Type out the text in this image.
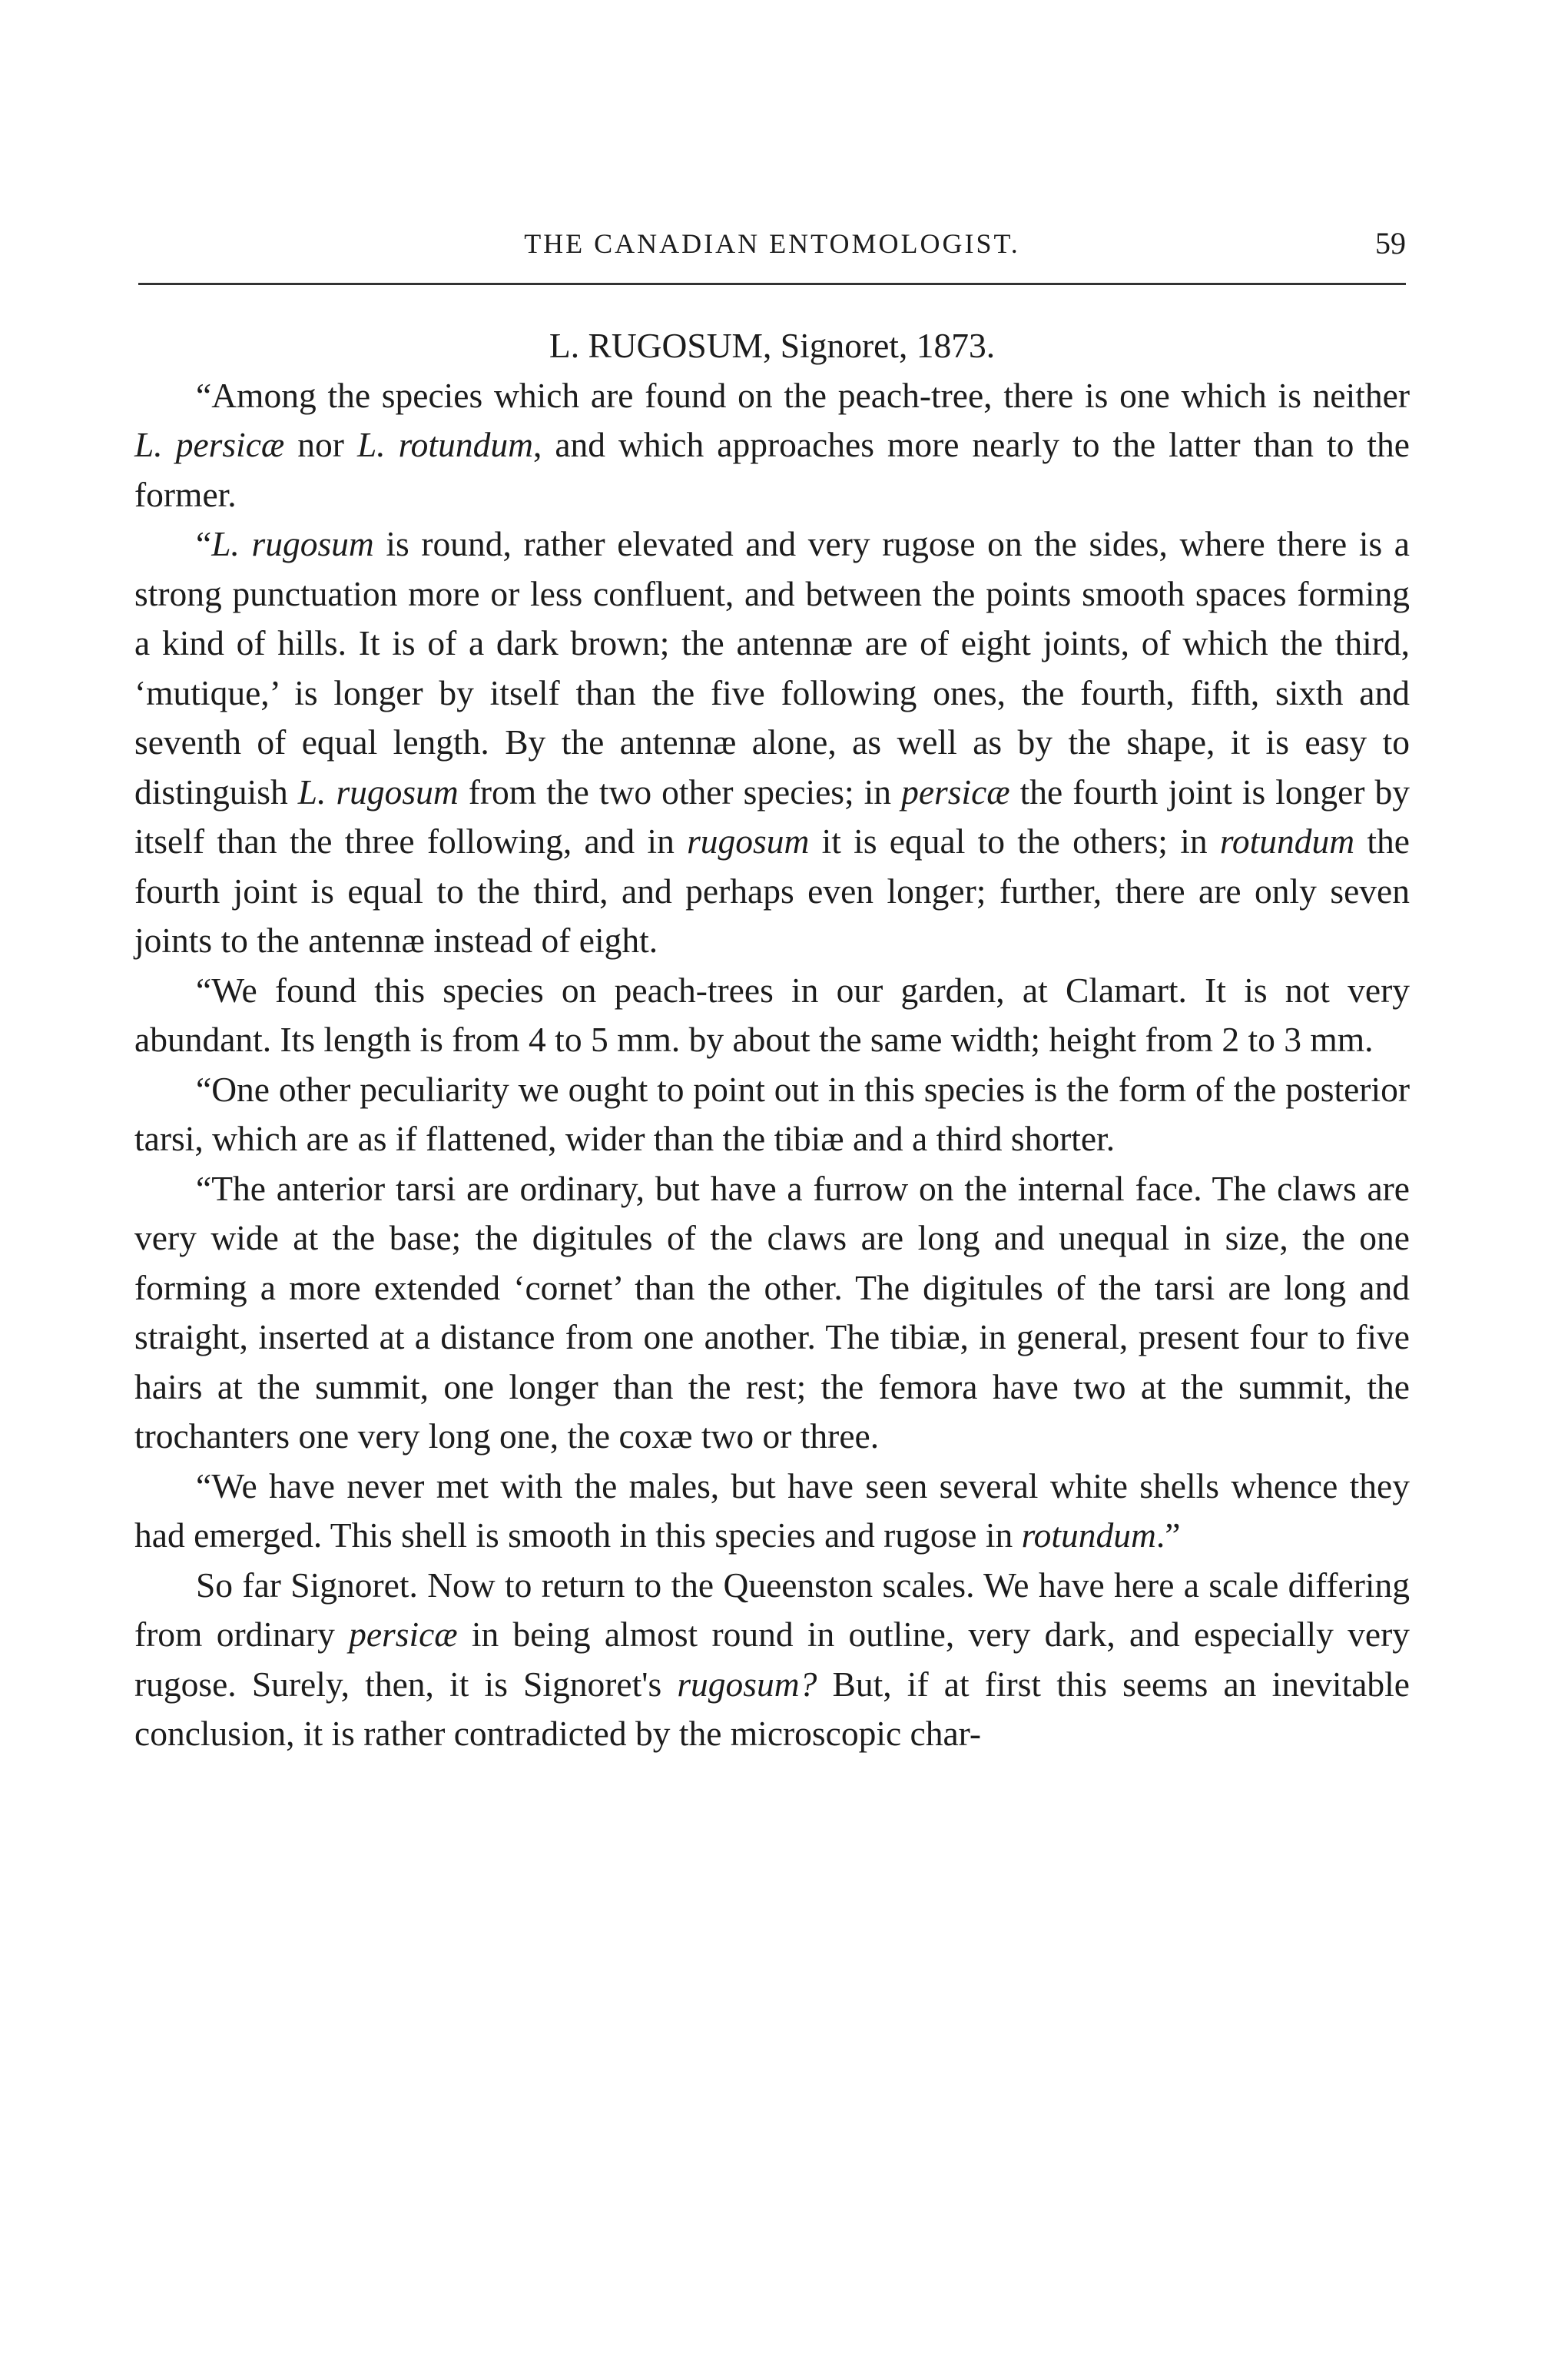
THE CANADIAN ENTOMOLOGIST.	59

L. RUGOSUM, Signoret, 1873.

“Among the species which are found on the peach-tree, there is one which is neither L. persicæ nor L. rotundum, and which approaches more nearly to the latter than to the former.

“L. rugosum is round, rather elevated and very rugose on the sides, where there is a strong punctuation more or less confluent, and between the points smooth spaces forming a kind of hills. It is of a dark brown; the antennæ are of eight joints, of which the third, ‘mutique,’ is longer by itself than the five following ones, the fourth, fifth, sixth and seventh of equal length. By the antennæ alone, as well as by the shape, it is easy to distinguish L. rugosum from the two other species; in persicæ the fourth joint is longer by itself than the three following, and in rugosum it is equal to the others; in rotundum the fourth joint is equal to the third, and perhaps even longer; further, there are only seven joints to the antennæ instead of eight.

“We found this species on peach-trees in our garden, at Clamart. It is not very abundant. Its length is from 4 to 5 mm. by about the same width; height from 2 to 3 mm.

“One other peculiarity we ought to point out in this species is the form of the posterior tarsi, which are as if flattened, wider than the tibiæ and a third shorter.

“The anterior tarsi are ordinary, but have a furrow on the internal face. The claws are very wide at the base; the digitules of the claws are long and unequal in size, the one forming a more extended ‘cornet’ than the other. The digitules of the tarsi are long and straight, inserted at a distance from one another. The tibiæ, in general, present four to five hairs at the summit, one longer than the rest; the femora have two at the summit, the trochanters one very long one, the coxæ two or three.

“We have never met with the males, but have seen several white shells whence they had emerged. This shell is smooth in this species and rugose in rotundum.”

So far Signoret. Now to return to the Queenston scales. We have here a scale differing from ordinary persicæ in being almost round in outline, very dark, and especially very rugose. Surely, then, it is Signoret's rugosum? But, if at first this seems an inevitable conclusion, it is rather contradicted by the microscopic char-
